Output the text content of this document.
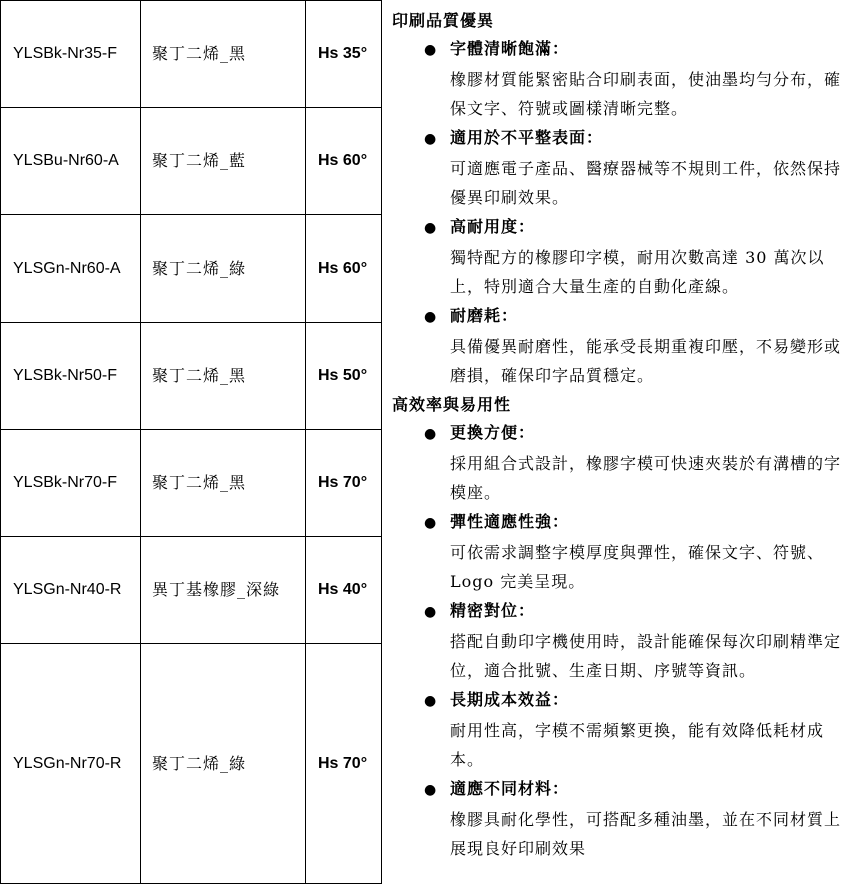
YLSBk-Nr35-F	聚丁二烯_黑	Hs 35°
YLSBu-Nr60-A	聚丁二烯_藍	Hs 60°
YLSGn-Nr60-A	聚丁二烯_綠	Hs 60°
YLSBk-Nr50-F	聚丁二烯_黑	Hs 50°
YLSBk-Nr70-F	聚丁二烯_黑	Hs 70°
YLSGn-Nr40-R	異丁基橡膠_深綠	Hs 40°
YLSGn-Nr70-R	聚丁二烯_綠	Hs 70°
印刷品質優異
● 字體清晰飽滿：
橡膠材質能緊密貼合印刷表面，使油墨均勻分布，確保文字、符號或圖樣清晰完整。
● 適用於不平整表面：
可適應電子產品、醫療器械等不規則工件，依然保持優異印刷效果。
● 高耐用度：
獨特配方的橡膠印字模，耐用次數高達 30 萬次以上，特別適合大量生產的自動化產線。
● 耐磨耗：
具備優異耐磨性，能承受長期重複印壓，不易變形或磨損，確保印字品質穩定。
高效率與易用性
● 更換方便：
採用組合式設計，橡膠字模可快速夾裝於有溝槽的字模座。
● 彈性適應性強：
可依需求調整字模厚度與彈性，確保文字、符號、Logo 完美呈現。
● 精密對位：
搭配自動印字機使用時，設計能確保每次印刷精準定位，適合批號、生產日期、序號等資訊。
● 長期成本效益：
耐用性高，字模不需頻繁更換，能有效降低耗材成本。
● 適應不同材料：
橡膠具耐化學性，可搭配多種油墨，並在不同材質上展現良好印刷效果
